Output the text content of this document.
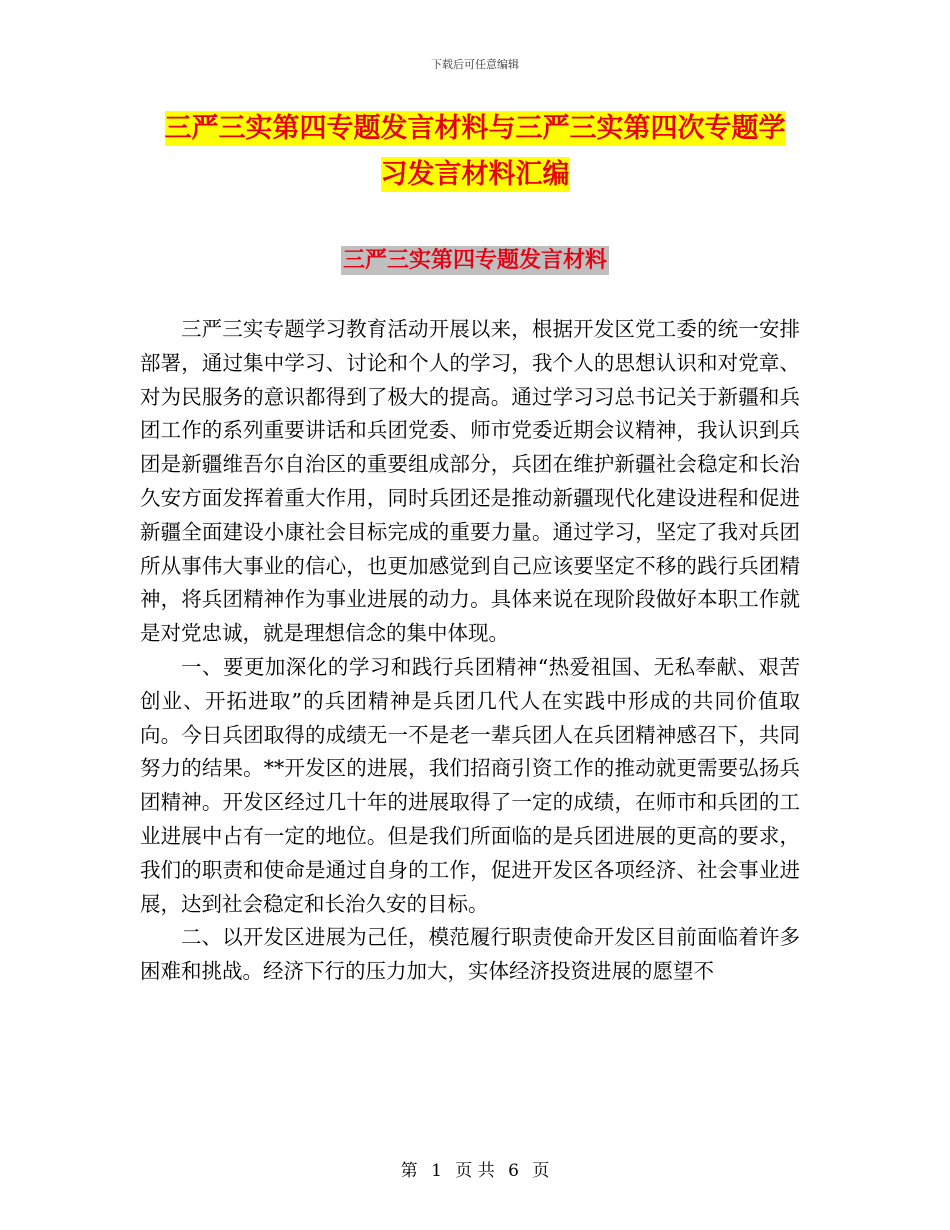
下载后可任意编辑
三严三实第四专题发言材料与三严三实第四次专题学
习发言材料汇编
三严三实第四专题发言材料

三严三实专题学习教育活动开展以来，根据开发区党工委的统一安排部署，通过集中学习、讨论和个人的学习，我个人的思想认识和对党章、对为民服务的意识都得到了极大的提高。通过学习习总书记关于新疆和兵团工作的系列重要讲话和兵团党委、师市党委近期会议精神，我认识到兵团是新疆维吾尔自治区的重要组成部分，兵团在维护新疆社会稳定和长治久安方面发挥着重大作用，同时兵团还是推动新疆现代化建设进程和促进新疆全面建设小康社会目标完成的重要力量。通过学习，坚定了我对兵团所从事伟大事业的信心，也更加感觉到自己应该要坚定不移的践行兵团精神，将兵团精神作为事业进展的动力。具体来说在现阶段做好本职工作就是对党忠诚，就是理想信念的集中体现。

一、要更加深化的学习和践行兵团精神“热爱祖国、无私奉献、艰苦创业、开拓进取”的兵团精神是兵团几代人在实践中形成的共同价值取向。今日兵团取得的成绩无一不是老一辈兵团人在兵团精神感召下，共同努力的结果。**开发区的进展，我们招商引资工作的推动就更需要弘扬兵团精神。开发区经过几十年的进展取得了一定的成绩，在师市和兵团的工业进展中占有一定的地位。但是我们所面临的是兵团进展的更高的要求，我们的职责和使命是通过自身的工作，促进开发区各项经济、社会事业进展，达到社会稳定和长治久安的目标。

二、以开发区进展为己任，模范履行职责使命开发区目前面临着许多困难和挑战。经济下行的压力加大，实体经济投资进展的愿望不

第 1 页 共 6 页
